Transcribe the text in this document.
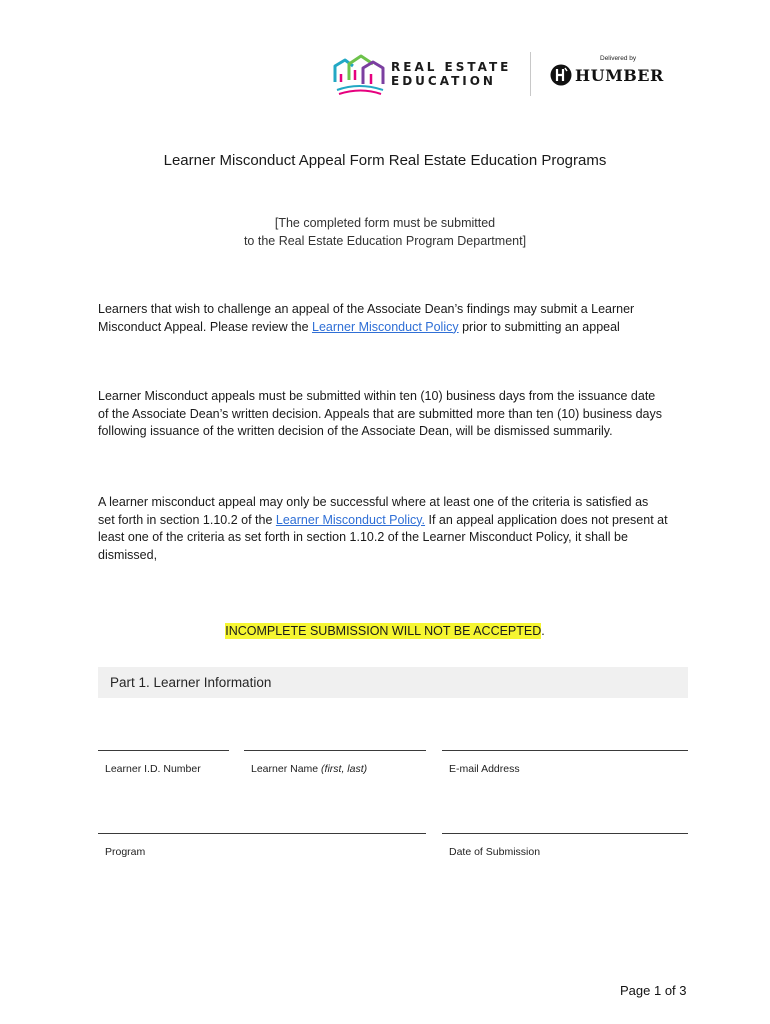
REAL ESTATE
EDUCATION
Delivered by
HUMBER
Learner Misconduct Appeal Form Real Estate Education Programs
[The completed form must be submitted
to the Real Estate Education Program Department]
Learners that wish to challenge an appeal of the Associate Dean’s findings may submit a Learner Misconduct Appeal. Please review the Learner Misconduct Policy prior to submitting an appeal
Learner Misconduct appeals must be submitted within ten (10) business days from the issuance date of the Associate Dean’s written decision. Appeals that are submitted more than ten (10) business days following issuance of the written decision of the Associate Dean, will be dismissed summarily.
A learner misconduct appeal may only be successful where at least one of the criteria is satisfied as set forth in section 1.10.2 of the Learner Misconduct Policy. If an appeal application does not present at least one of the criteria as set forth in section 1.10.2 of the Learner Misconduct Policy, it shall be dismissed,
INCOMPLETE SUBMISSION WILL NOT BE ACCEPTED.
Part 1. Learner Information
Learner I.D. Number	Learner Name (first, last)	E-mail Address
Program	Date of Submission
Page 1 of 3
